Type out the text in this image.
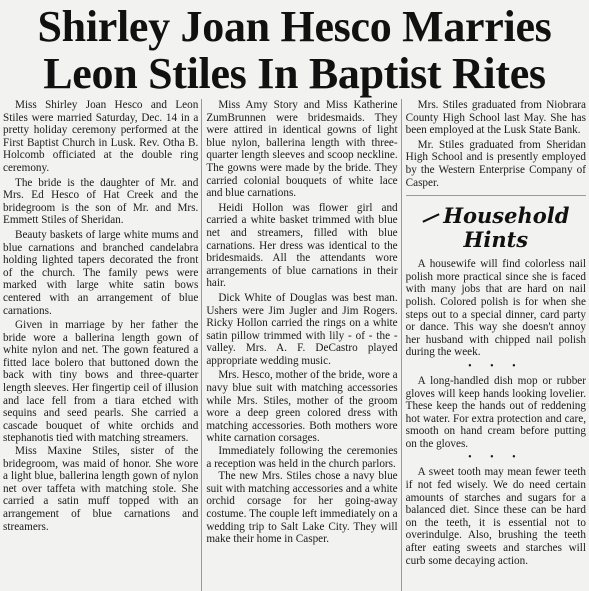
Shirley Joan Hesco Marries
Leon Stiles In Baptist Rites

Miss Shirley Joan Hesco and Leon Stiles were married Saturday, Dec. 14 in a pretty holiday ceremony performed at the First Baptist Church in Lusk. Rev. Otha B. Holcomb officiated at the double ring ceremony.

The bride is the daughter of Mr. and Mrs. Ed Hesco of Hat Creek and the bridegroom is the son of Mr. and Mrs. Emmett Stiles of Sheridan.

Beauty baskets of large white mums and blue carnations and branched candelabra holding lighted tapers decorated the front of the church. The family pews were marked with large white satin bows centered with an arrangement of blue carnations.

Given in marriage by her father the bride wore a ballerina length gown of white nylon and net. The gown featured a fitted lace bolero that buttoned down the back with tiny bows and three-quarter length sleeves. Her fingertip ceil of illusion and lace fell from a tiara etched with sequins and seed pearls. She carried a cascade bouquet of white orchids and stephanotis tied with matching streamers.

Miss Maxine Stiles, sister of the bridegroom, was maid of honor. She wore a light blue, ballerina length gown of nylon net over taffeta with matching stole. She carried a satin muff topped with an arrangement of blue carnations and streamers.

Miss Amy Story and Miss Katherine ZumBrunnen were bridesmaids. They were attired in identical gowns of light blue nylon, ballerina length with three-quarter length sleeves and scoop neckline. The gowns were made by the bride. They carried colonial bouquets of white lace and blue carnations.

Heidi Hollon was flower girl and carried a white basket trimmed with blue net and streamers, filled with blue carnations. Her dress was identical to the bridesmaids. All the attendants wore arrangements of blue carnations in their hair.

Dick White of Douglas was best man. Ushers were Jim Jugler and Jim Rogers. Ricky Hollon carried the rings on a white satin pillow trimmed with lily - of - the - valley. Mrs. A. F. DeCastro played appropriate wedding music.

Mrs. Hesco, mother of the bride, wore a navy blue suit with matching accessories while Mrs. Stiles, mother of the groom wore a deep green colored dress with matching accessories. Both mothers wore white carnation corsages.

Immediately following the ceremonies a reception was held in the church parlors.

The new Mrs. Stiles chose a navy blue suit with matching accessories and a white orchid corsage for her going-away costume. The couple left immediately on a wedding trip to Salt Lake City. They will make their home in Casper.

Mrs. Stiles graduated from Niobrara County High School last May. She has been employed at the Lusk State Bank.

Mr. Stiles graduated from Sheridan High School and is presently employed by the Western Enterprise Company of Casper.

Household Hints

A housewife will find colorless nail polish more practical since she is faced with many jobs that are hard on nail polish. Colored polish is for when she steps out to a special dinner, card party or dance. This way she doesn't annoy her husband with chipped nail polish during the week.

• • •

A long-handled dish mop or rubber gloves will keep hands looking lovelier. These keep the hands out of reddening hot water. For extra protection and care, smooth on hand cream before putting on the gloves.

• • •

A sweet tooth may mean fewer teeth if not fed wisely. We do need certain amounts of starches and sugars for a balanced diet. Since these can be hard on the teeth, it is essential not to overindulge. Also, brushing the teeth after eating sweets and starches will curb some decaying action.
